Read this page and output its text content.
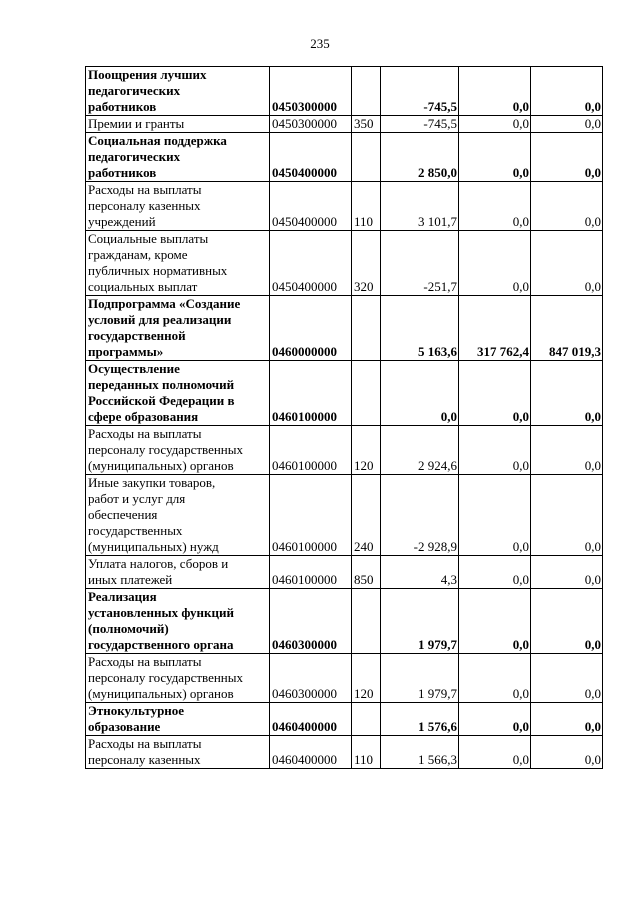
235
Поощрения лучших
педагогических
работников	0450300000		-745,5	0,0	0,0

Премии и гранты	0450300000	350	-745,5	0,0	0,0

Социальная поддержка
педагогических
работников	0450400000		2 850,0	0,0	0,0

Расходы на выплаты
персоналу казенных
учреждений	0450400000	110	3 101,7	0,0	0,0

Социальные выплаты
гражданам, кроме
публичных нормативных
социальных выплат	0450400000	320	-251,7	0,0	0,0

Подпрограмма «Создание
условий для реализации
государственной
программы»	0460000000		5 163,6	317 762,4	847 019,3

Осуществление
переданных полномочий
Российской Федерации в
сфере образования	0460100000		0,0	0,0	0,0

Расходы на выплаты
персоналу государственных
(муниципальных) органов	0460100000	120	2 924,6	0,0	0,0

Иные закупки товаров,
работ и услуг для
обеспечения
государственных
(муниципальных) нужд	0460100000	240	-2 928,9	0,0	0,0

Уплата налогов, сборов и
иных платежей	0460100000	850	4,3	0,0	0,0

Реализация
установленных функций
(полномочий)
государственного органа	0460300000		1 979,7	0,0	0,0

Расходы на выплаты
персоналу государственных
(муниципальных) органов	0460300000	120	1 979,7	0,0	0,0

Этнокультурное
образование	0460400000		1 576,6	0,0	0,0

Расходы на выплаты
персоналу казенных	0460400000	110	1 566,3	0,0	0,0
